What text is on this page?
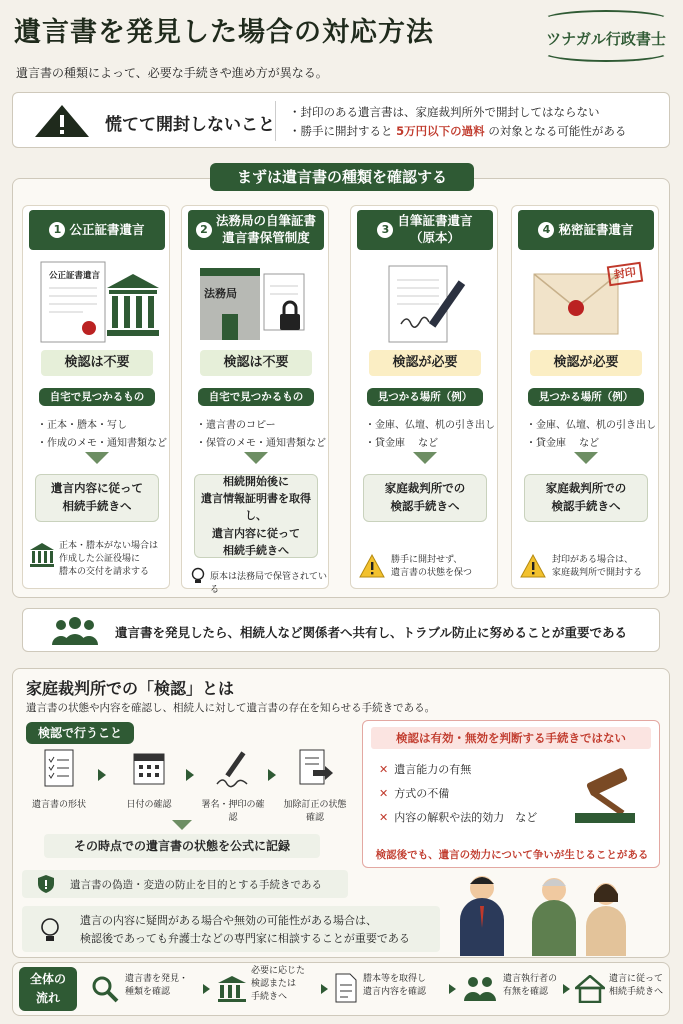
遺言書を発見した場合の対応方法
遺言書の種類によって、必要な手続きや進め方が異なる。
ツナガル行政書士
慌てて開封しないこと
・封印のある遺言書は、家庭裁判所外で開封してはならない
・勝手に開封すると 5万円以下の過料 の対象となる可能性がある
まずは遺言書の種類を確認する
1 公正証書遺言
公正証書遺言
検認は不要
自宅で見つかるもの（例）
・正本・謄本・写し
・作成のメモ・通知書類など
遺言内容に従って
相続手続きへ
正本・謄本がない場合は
作成した公証役場に
謄本の交付を請求する
2
法務局の自筆証書
遺言書保管制度
法務局
検認は不要
自宅で見つかるもの（例）
・遺言書のコピー
・保管のメモ・通知書類など
相続開始後に
遺言情報証明書を取得し、
遺言内容に従って
相続手続きへ
原本は法務局で保管されている
3
自筆証書遺言
（原本）
検認が必要
見つかる場所（例）
・金庫、仏壇、机の引き出し
・貸金庫　 など
家庭裁判所での
検認手続きへ
勝手に開封せず、
遺言書の状態を保つ
4 秘密証書遺言
封印
検認が必要
見つかる場所（例）
・金庫、仏壇、机の引き出し
・貸金庫　 など
家庭裁判所での
検認手続きへ
封印がある場合は、
家庭裁判所で開封する
遺言書を発見したら、相続人など関係者へ共有し、トラブル防止に努めることが重要である
家庭裁判所での「検認」とは
遺言書の状態や内容を確認し、相続人に対して遺言書の存在を知らせる手続きである。
検認で行うこと
遺言書の形状	日付の確認	署名・押印の確認
加除訂正の状態確認
その時点での遺言書の状態を公式に記録
検認は有効・無効を判断する手続きではない
✕ 遺言能力の有無
✕ 方式の不備
✕ 内容の解釈や法的効力　など
検認後でも、遺言の効力について争いが生じることがある
遺言書の偽造・変造の防止を目的とする手続きである
遺言の内容に疑問がある場合や無効の可能性がある場合は、
検認後であっても弁護士などの専門家に相談することが重要である
全体の
流れ
遺言書を発見・
種類を確認
必要に応じた
検認または
手続きへ
謄本等を取得し
遺言内容を確認
遺言執行者の
有無を確認
遺言に従って
相続手続きへ
